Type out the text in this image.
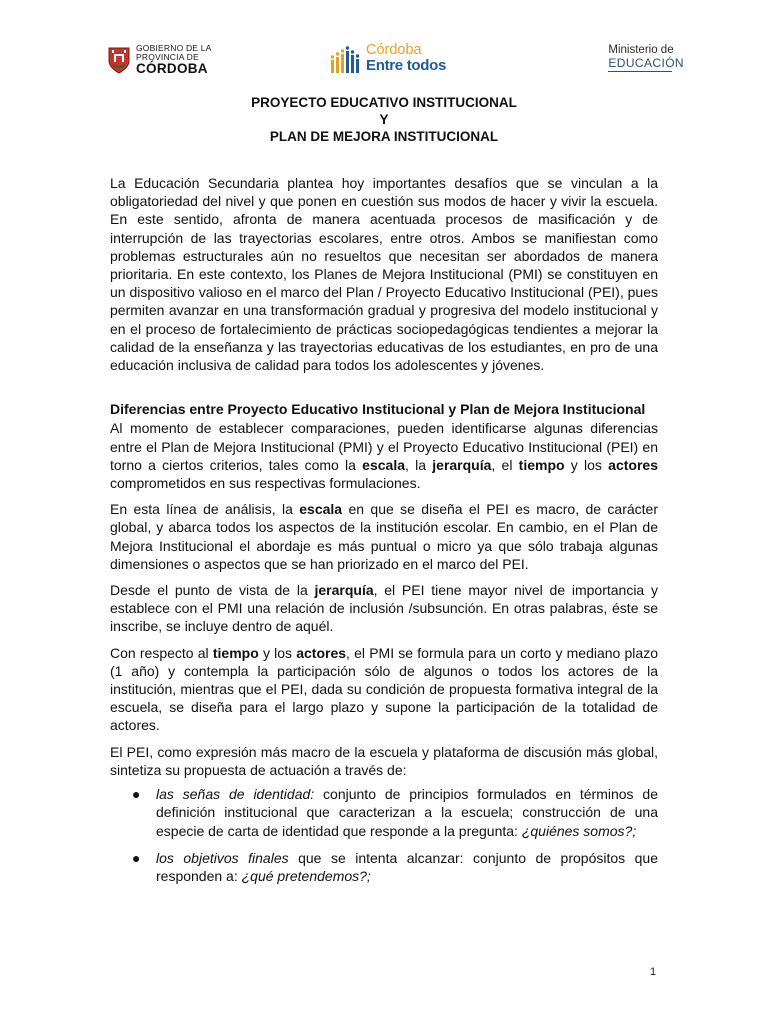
GOBIERNO DE LA
PROVINCIA DE
CÓRDOBA
Córdoba
Entre todos
Ministerio de
EDUCACIÓN
PROYECTO EDUCATIVO INSTITUCIONAL
Y
PLAN DE MEJORA INSTITUCIONAL

La Educación Secundaria plantea hoy importantes desafíos que se vinculan a la obligatoriedad del nivel y que ponen en cuestión sus modos de hacer y vivir la escuela. En este sentido, afronta de manera acentuada procesos de masificación y de interrupción de las trayectorias escolares, entre otros. Ambos se manifiestan como problemas estructurales aún no resueltos que necesitan ser abordados de manera prioritaria. En este contexto, los Planes de Mejora Institucional (PMI) se constituyen en un dispositivo valioso en el marco del Plan / Proyecto Educativo Institucional (PEI), pues permiten avanzar en una transformación gradual y progresiva del modelo institucional y en el proceso de fortalecimiento de prácticas sociopedagógicas tendientes a mejorar la calidad de la enseñanza y las trayectorias educativas de los estudiantes, en pro de una educación inclusiva de calidad para todos los adolescentes y jóvenes.

Diferencias entre Proyecto Educativo Institucional y Plan de Mejora Institucional

Al momento de establecer comparaciones, pueden identificarse algunas diferencias entre el Plan de Mejora Institucional (PMI) y el Proyecto Educativo Institucional (PEI) en torno a ciertos criterios, tales como la escala, la jerarquía, el tiempo y los actores comprometidos en sus respectivas formulaciones.

En esta línea de análisis, la escala en que se diseña el PEI es macro, de carácter global, y abarca todos los aspectos de la institución escolar. En cambio, en el Plan de Mejora Institucional el abordaje es más puntual o micro ya que sólo trabaja algunas dimensiones o aspectos que se han priorizado en el marco del PEI.

Desde el punto de vista de la jerarquía, el PEI tiene mayor nivel de importancia y establece con el PMI una relación de inclusión /subsunción. En otras palabras, éste se inscribe, se incluye dentro de aquél.

Con respecto al tiempo y los actores, el PMI se formula para un corto y mediano plazo (1 año) y contempla la participación sólo de algunos o todos los actores de la institución, mientras que el PEI, dada su condición de propuesta formativa integral de la escuela, se diseña para el largo plazo y supone la participación de la totalidad de actores.

El PEI, como expresión más macro de la escuela y plataforma de discusión más global, sintetiza su propuesta de actuación a través de:

● las señas de identidad: conjunto de principios formulados en términos de definición institucional que caracterizan a la escuela; construcción de una especie de carta de identidad que responde a la pregunta: ¿quiénes somos?;
● los objetivos finales que se intenta alcanzar: conjunto de propósitos que responden a: ¿qué pretendemos?;
1
